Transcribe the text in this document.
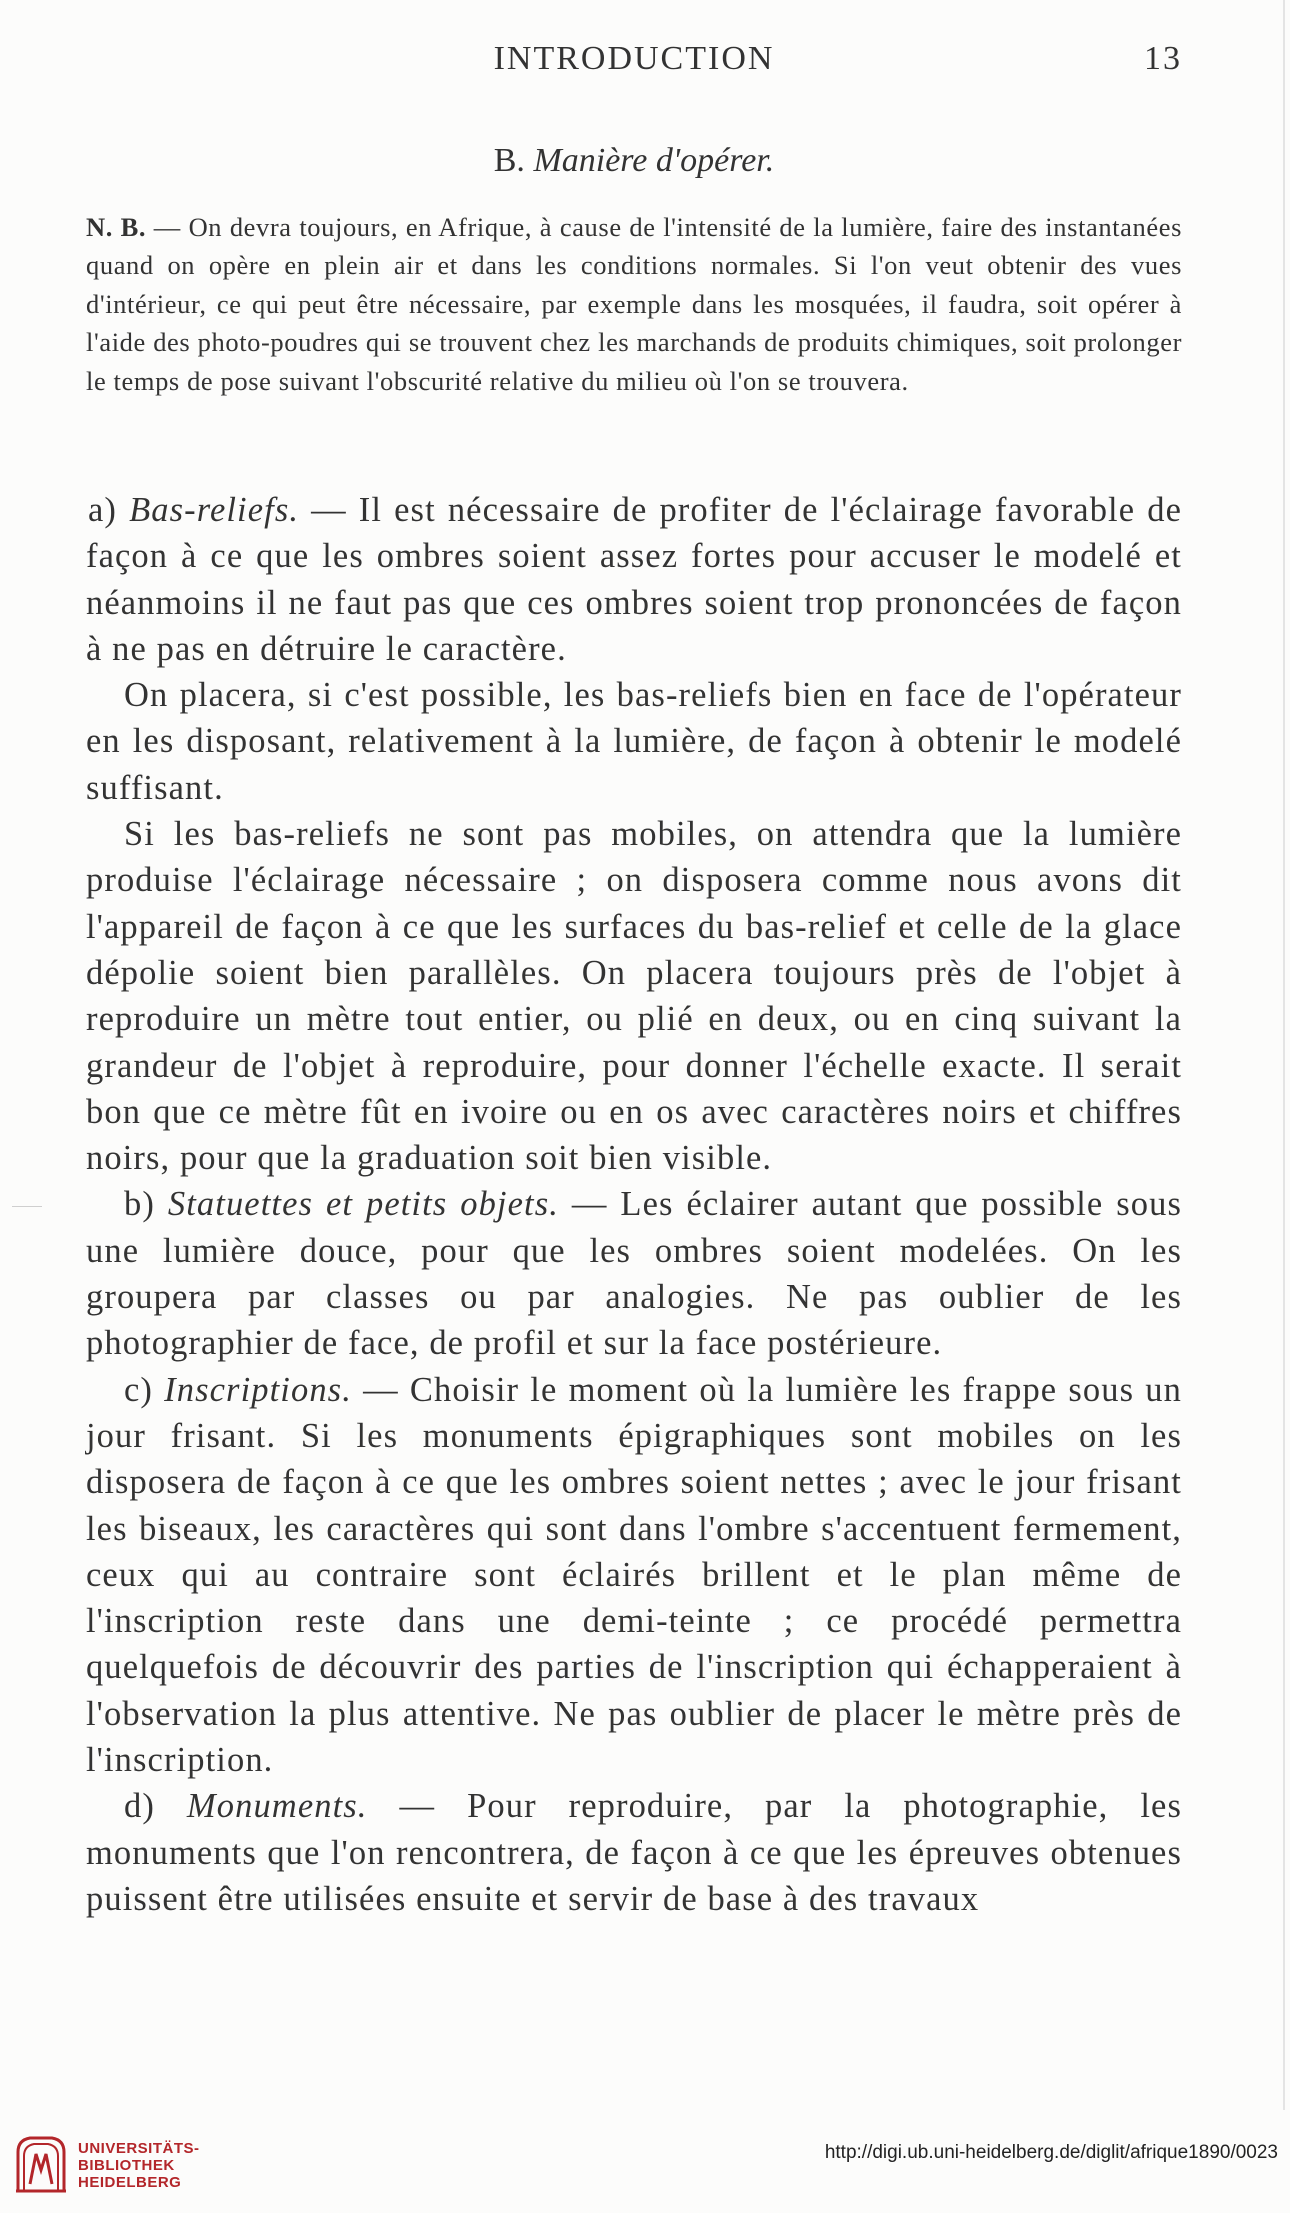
INTRODUCTION	13
B. Manière d'opérer.
N. B. — On devra toujours, en Afrique, à cause de l'intensité de la lumière, faire des instantanées quand on opère en plein air et dans les conditions normales. Si l'on veut obtenir des vues d'intérieur, ce qui peut être nécessaire, par exemple dans les mosquées, il faudra, soit opérer à l'aide des photo-poudres qui se trouvent chez les marchands de produits chimiques, soit prolonger le temps de pose suivant l'obscurité relative du milieu où l'on se trouvera.

a) Bas-reliefs. — Il est nécessaire de profiter de l'éclairage favorable de façon à ce que les ombres soient assez fortes pour accuser le modelé et néanmoins il ne faut pas que ces ombres soient trop prononcées de façon à ne pas en détruire le caractère.

On placera, si c'est possible, les bas-reliefs bien en face de l'opérateur en les disposant, relativement à la lumière, de façon à obtenir le modelé suffisant.

Si les bas-reliefs ne sont pas mobiles, on attendra que la lumière produise l'éclairage nécessaire ; on disposera comme nous avons dit l'appareil de façon à ce que les surfaces du bas-relief et celle de la glace dépolie soient bien parallèles. On placera toujours près de l'objet à reproduire un mètre tout entier, ou plié en deux, ou en cinq suivant la grandeur de l'objet à reproduire, pour donner l'échelle exacte. Il serait bon que ce mètre fût en ivoire ou en os avec caractères noirs et chiffres noirs, pour que la graduation soit bien visible.

b) Statuettes et petits objets. — Les éclairer autant que possible sous une lumière douce, pour que les ombres soient modelées. On les groupera par classes ou par analogies. Ne pas oublier de les photographier de face, de profil et sur la face postérieure.

c) Inscriptions. — Choisir le moment où la lumière les frappe sous un jour frisant. Si les monuments épigraphiques sont mobiles on les disposera de façon à ce que les ombres soient nettes ; avec le jour frisant les biseaux, les caractères qui sont dans l'ombre s'accentuent fermement, ceux qui au contraire sont éclairés brillent et le plan même de l'inscription reste dans une demi-teinte ; ce procédé permettra quelquefois de découvrir des parties de l'inscription qui échapperaient à l'observation la plus attentive. Ne pas oublier de placer le mètre près de l'inscription.

d) Monuments. — Pour reproduire, par la photographie, les monuments que l'on rencontrera, de façon à ce que les épreuves obtenues puissent être utilisées ensuite et servir de base à des travaux

UNIVERSITÄTS-
BIBLIOTHEK
HEIDELBERG
http://digi.ub.uni-heidelberg.de/diglit/afrique1890/0023
